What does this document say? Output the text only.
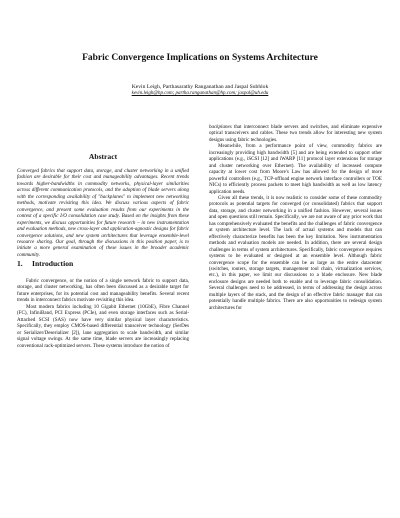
Fabric Convergence Implications on Systems Architecture
Kevin Leigh, Parthasarathy Ranganathan and Jaspal Subhlok
kevin.leigh@hp.com; partha.ranganathan@hp.com; jaspal@uh.edu
Abstract
Converged fabrics that support data, storage, and cluster networking in a unified fashion are desirable for their cost and manageability advantages. Recent trends towards higher-bandwidths in commodity networks, physical-layer similarities across different communication protocols, and the adoption of blade servers along with the corresponding availability of "backplanes" to implement new networking methods, motivate revisiting this idea. We discuss various aspects of fabric convergence, and present some evaluation results from our experiments in the context of a specific I/O consolidation case study. Based on the insights from these experiments, we discuss opportunities for future research – in new instrumentation and evaluation methods, new cross-layer and application-agnostic designs for fabric convergence solutions, and new system architectures that leverage ensemble-level resource sharing. Our goal, through the discussions in this position paper, is to initiate a more general examination of these issues in the broader academic community.
1. Introduction

Fabric convergence, or the notion of a single network fabric to support data, storage, and cluster networking, has often been discussed as a desirable target for future enterprises, for its potential cost and manageability benefits. Several recent trends in interconnect fabrics motivate revisiting this idea.

Most modern fabrics including 10 Gigabit Ethernet (10GbE), Fibre Channel (FC), InfiniBand, PCI Express (PCIe), and even storage interfaces such as Serial-Attached SCSI (SAS) now have very similar physical layer characteristics. Specifically, they employ CMOS-based differential transceiver technology (SerDes or Serializer/Deserializer [2]), lane aggregation to scale bandwidth, and similar signal voltage swings. At the same time, blade servers are increasingly replacing conventional rack-optimized servers. These systems introduce the notion of

backplanes that interconnect blade servers and switches, and eliminate expensive optical transceivers and cables. These two trends allow for interesting new system designs using fabric technologies.

Meanwhile, from a performance point of view, commodity fabrics are increasingly providing high bandwidth [5] and are being extended to support other applications (e.g., iSCSI [12] and iWARP [11] protocol layer extensions for storage and cluster networking over Ethernet). The availability of increased compute capacity at lower cost from Moore's Law has allowed for the design of more powerful controllers (e.g., TCP-offload engine network interface controllers or TOE NICs) to efficiently process packets to meet high bandwidth as well as low latency application needs.

Given all these trends, it is now realistic to consider some of these commodity protocols as potential targets for converged (or consolidated) fabrics that support data, storage, and cluster networking in a unified fashion. However, several issues and open questions still remain. Specifically, we are not aware of any prior work that has comprehensively evaluated the benefits and the challenges of fabric convergence at system architecture level. The lack of actual systems and models that can effectively characterize benefits has been the key limitation. New instrumentation methods and evaluation models are needed. In addition, there are several design challenges in terms of system architectures. Specifically, fabric convergence requires systems to be evaluated or designed at an ensemble level. Although fabric convergence scope for the ensemble can be as large as the entire datacenter (switches, routers, storage targets, management tool chain, virtualization services, etc.), in this paper, we limit our discussions to a blade enclosure. New blade enclosure designs are needed both to enable and to leverage fabric consolidation. Several challenges need to be addressed, in terms of addressing the design across multiple layers of the stack, and the design of an effective fabric manager that can potentially handle multiple fabrics. There are also opportunities to redesign system architectures for
